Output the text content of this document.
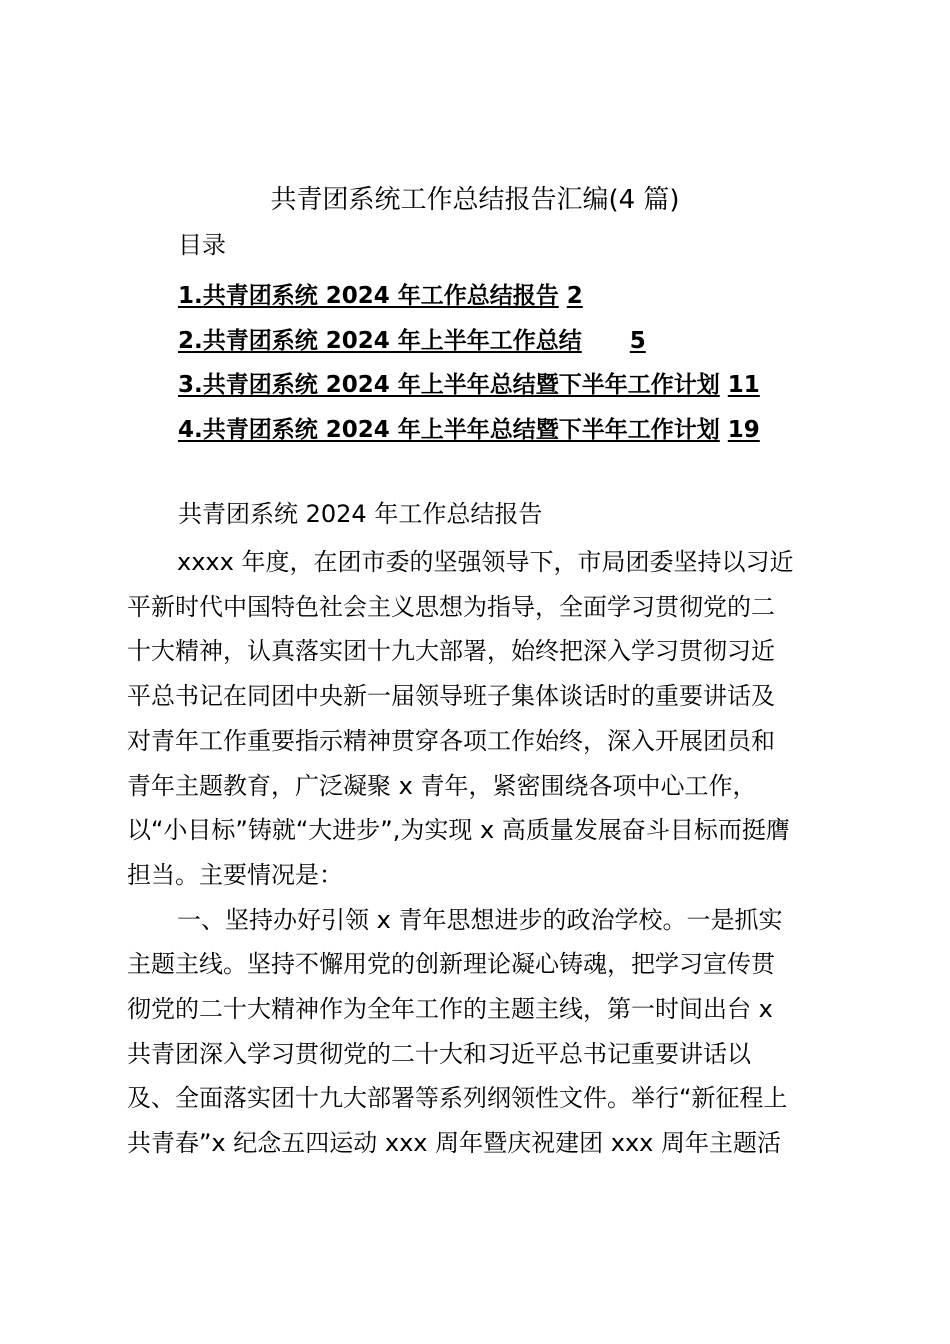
共青团系统工作总结报告汇编(4 篇)
目录
1.共青团系统 2024 年工作总结报告 2
2.共青团系统 2024 年上半年工作总结 5
3.共青团系统 2024 年上半年总结暨下半年工作计划 11
4.共青团系统 2024 年上半年总结暨下半年工作计划 19
共青团系统 2024 年工作总结报告
xxxx 年度，在团市委的坚强领导下，市局团委坚持以习近
平新时代中国特色社会主义思想为指导，全面学习贯彻党的二
十大精神，认真落实团十九大部署，始终把深入学习贯彻习近
平总书记在同团中央新一届领导班子集体谈话时的重要讲话及
对青年工作重要指示精神贯穿各项工作始终，深入开展团员和
青年主题教育，广泛凝聚 x 青年，紧密围绕各项中心工作，
以“小目标”铸就“大进步”,为实现 x 高质量发展奋斗目标而挺膺
担当。主要情况是：
一、坚持办好引领 x 青年思想进步的政治学校。一是抓实
主题主线。坚持不懈用党的创新理论凝心铸魂，把学习宣传贯
彻党的二十大精神作为全年工作的主题主线，第一时间出台 x
共青团深入学习贯彻党的二十大和习近平总书记重要讲话以
及、全面落实团十九大部署等系列纲领性文件。举行“新征程上
共青春”x 纪念五四运动 xxx 周年暨庆祝建团 xxx 周年主题活
